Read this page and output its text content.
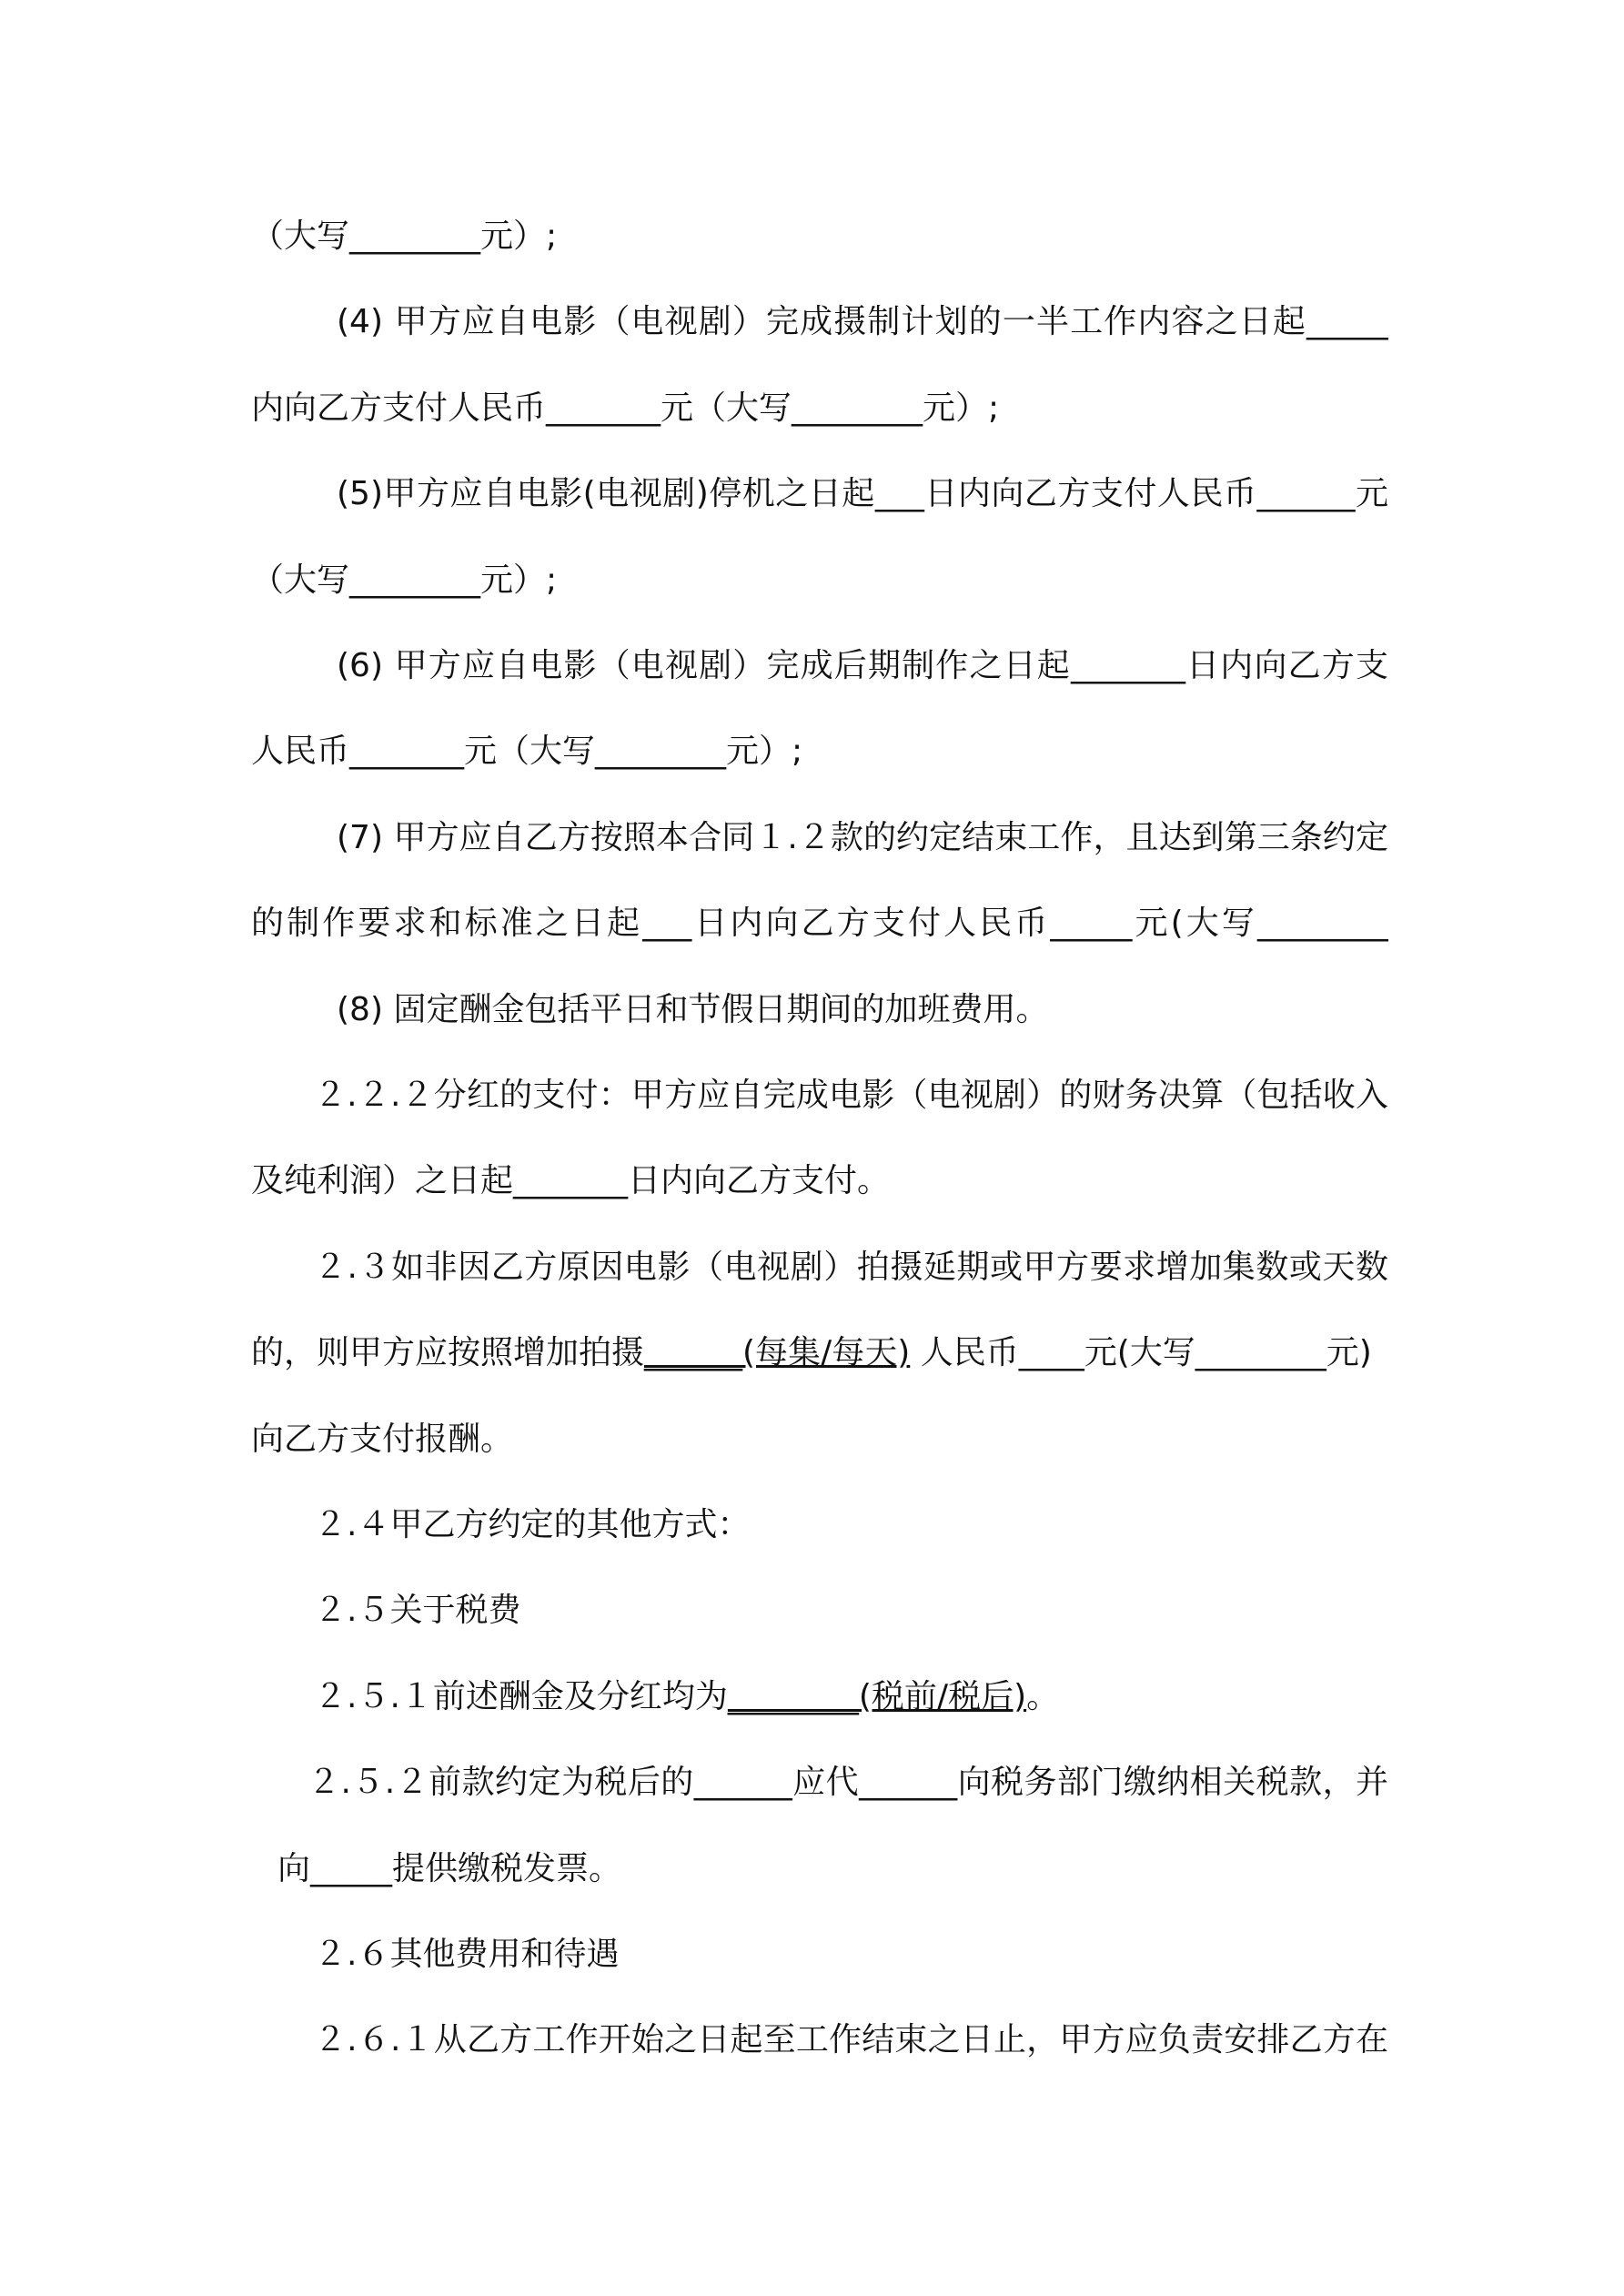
（大写________元）;
(4) 甲方应自电影（电视剧）完成摄制计划的一半工作内容之日起_____
内向乙方支付人民币_______元（大写________元）;
(5)甲方应自电影(电视剧)停机之日起___日内向乙方支付人民币______元
（大写________元）;
(6) 甲方应自电影（电视剧）完成后期制作之日起_______日内向乙方支
人民币_______元（大写________元）;
(7) 甲方应自乙方按照本合同１.２款的约定结束工作，且达到第三条约定
的制作要求和标准之日起___日内向乙方支付人民币_____元(大写________
(8) 固定酬金包括平日和节假日期间的加班费用。
２.２.２分红的支付：甲方应自完成电影（电视剧）的财务决算（包括收入
及纯利润）之日起_______日内向乙方支付。
２.３如非因乙方原因电影（电视剧）拍摄延期或甲方要求增加集数或天数
的，则甲方应按照增加拍摄______(每集/每天) 人民币____元(大写________元)
向乙方支付报酬。
２.４甲乙方约定的其他方式：
２.５关于税费
２.５.１前述酬金及分红均为________(税前/税后)。
２.５.２前款约定为税后的______应代______向税务部门缴纳相关税款，并
向_____提供缴税发票。
２.６其他费用和待遇
２.６.１从乙方工作开始之日起至工作结束之日止，甲方应负责安排乙方在
